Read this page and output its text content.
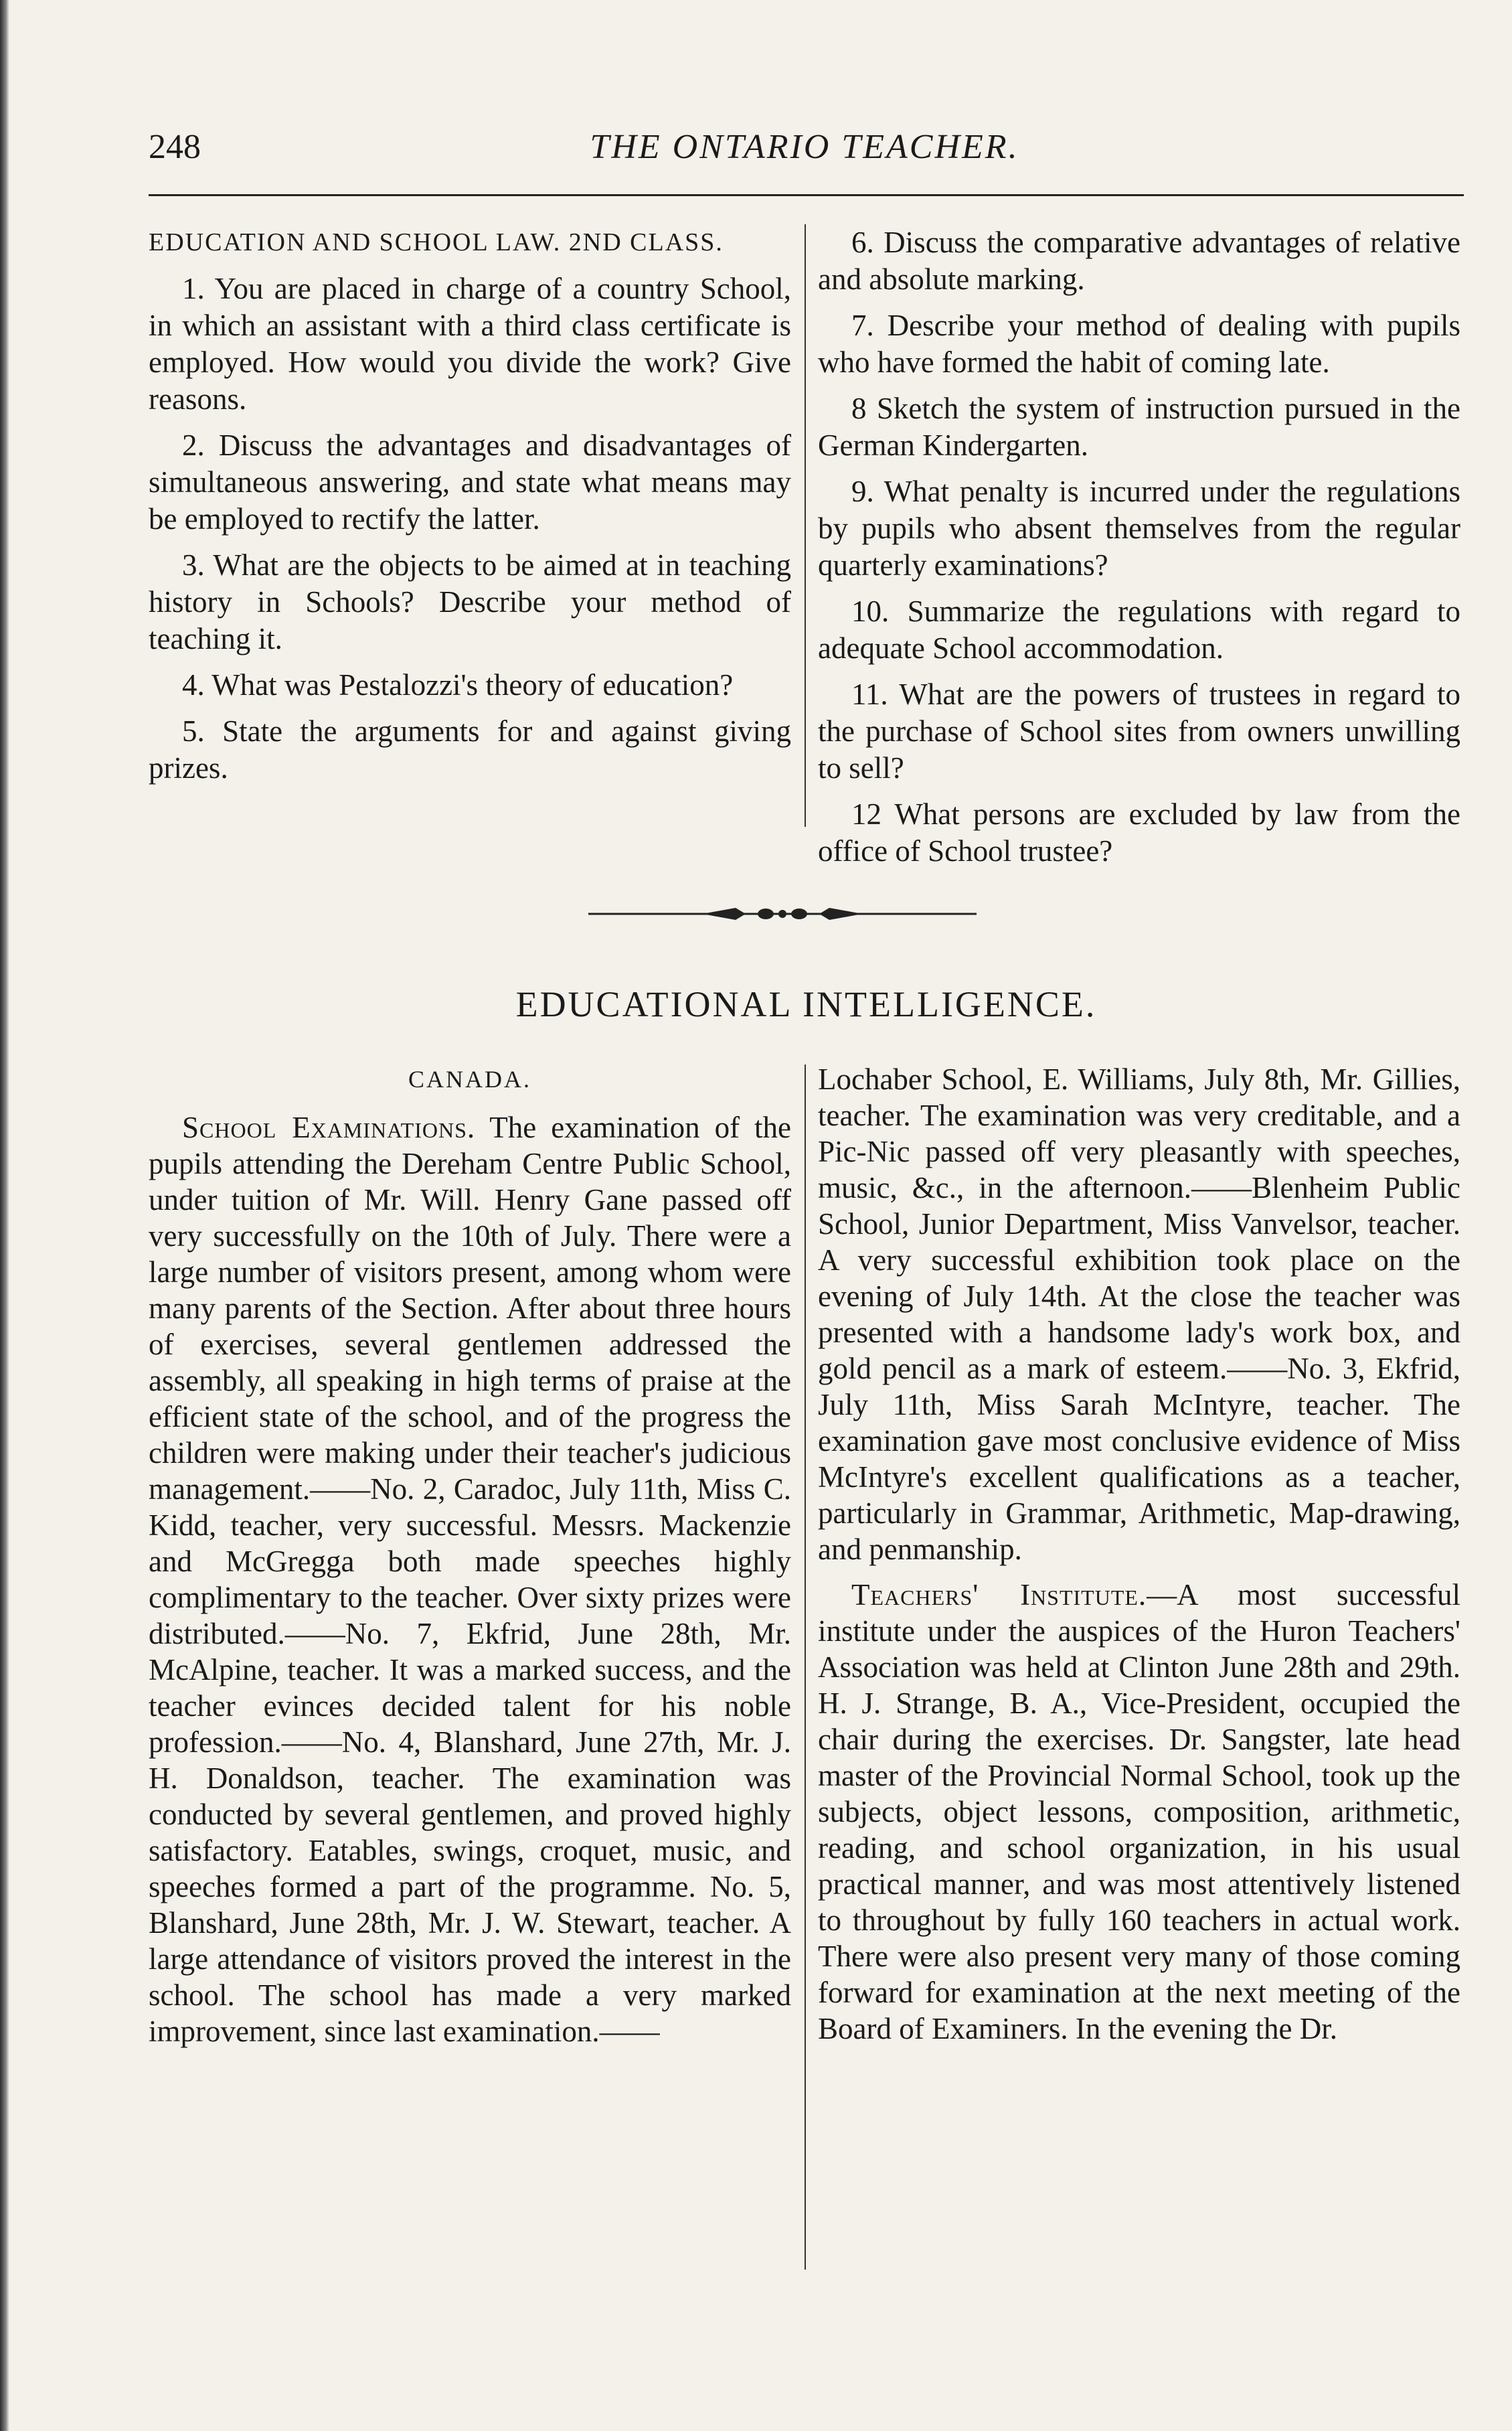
248	THE ONTARIO TEACHER.

EDUCATION AND SCHOOL LAW. 2ND CLASS.

1. You are placed in charge of a country School, in which an assistant with a third class certificate is employed. How would you divide the work? Give reasons.

2. Discuss the advantages and disadvantages of simultaneous answering, and state what means may be employed to rectify the latter.

3. What are the objects to be aimed at in teaching history in Schools? Describe your method of teaching it.

4. What was Pestalozzi's theory of education?

5. State the arguments for and against giving prizes.

6. Discuss the comparative advantages of relative and absolute marking.

7. Describe your method of dealing with pupils who have formed the habit of coming late.

8 Sketch the system of instruction pursued in the German Kindergarten.

9. What penalty is incurred under the regulations by pupils who absent themselves from the regular quarterly examinations?

10. Summarize the regulations with regard to adequate School accommodation.

11. What are the powers of trustees in regard to the purchase of School sites from owners unwilling to sell?

12 What persons are excluded by law from the office of School trustee?

EDUCATIONAL INTELLIGENCE.

CANADA.

School Examinations. The examination of the pupils attending the Dereham Centre Public School, under tuition of Mr. Will. Henry Gane passed off very successfully on the 10th of July. There were a large number of visitors present, among whom were many parents of the Section. After about three hours of exercises, several gentlemen addressed the assembly, all speaking in high terms of praise at the efficient state of the school, and of the progress the children were making under their teacher's judicious management.——No. 2, Caradoc, July 11th, Miss C. Kidd, teacher, very successful. Messrs. Mackenzie and McGregga both made speeches highly complimentary to the teacher. Over sixty prizes were distributed.——No. 7, Ekfrid, June 28th, Mr. McAlpine, teacher. It was a marked success, and the teacher evinces decided talent for his noble profession.——No. 4, Blanshard, June 27th, Mr. J. H. Donaldson, teacher. The examination was conducted by several gentlemen, and proved highly satisfactory. Eatables, swings, croquet, music, and speeches formed a part of the programme. No. 5, Blanshard, June 28th, Mr. J. W. Stewart, teacher. A large attendance of visitors proved the interest in the school. The school has made a very marked improvement, since last examination.——

Lochaber School, E. Williams, July 8th, Mr. Gillies, teacher. The examination was very creditable, and a Pic-Nic passed off very pleasantly with speeches, music, &c., in the afternoon.——Blenheim Public School, Junior Department, Miss Vanvelsor, teacher. A very successful exhibition took place on the evening of July 14th. At the close the teacher was presented with a handsome lady's work box, and gold pencil as a mark of esteem.——No. 3, Ekfrid, July 11th, Miss Sarah McIntyre, teacher. The examination gave most conclusive evidence of Miss McIntyre's excellent qualifications as a teacher, particularly in Grammar, Arithmetic, Map-drawing, and penmanship.

Teachers' Institute.—A most successful institute under the auspices of the Huron Teachers' Association was held at Clinton June 28th and 29th. H. J. Strange, B. A., Vice-President, occupied the chair during the exercises. Dr. Sangster, late head master of the Provincial Normal School, took up the subjects, object lessons, composition, arithmetic, reading, and school organization, in his usual practical manner, and was most attentively listened to throughout by fully 160 teachers in actual work. There were also present very many of those coming forward for examination at the next meeting of the Board of Examiners. In the evening the Dr.
